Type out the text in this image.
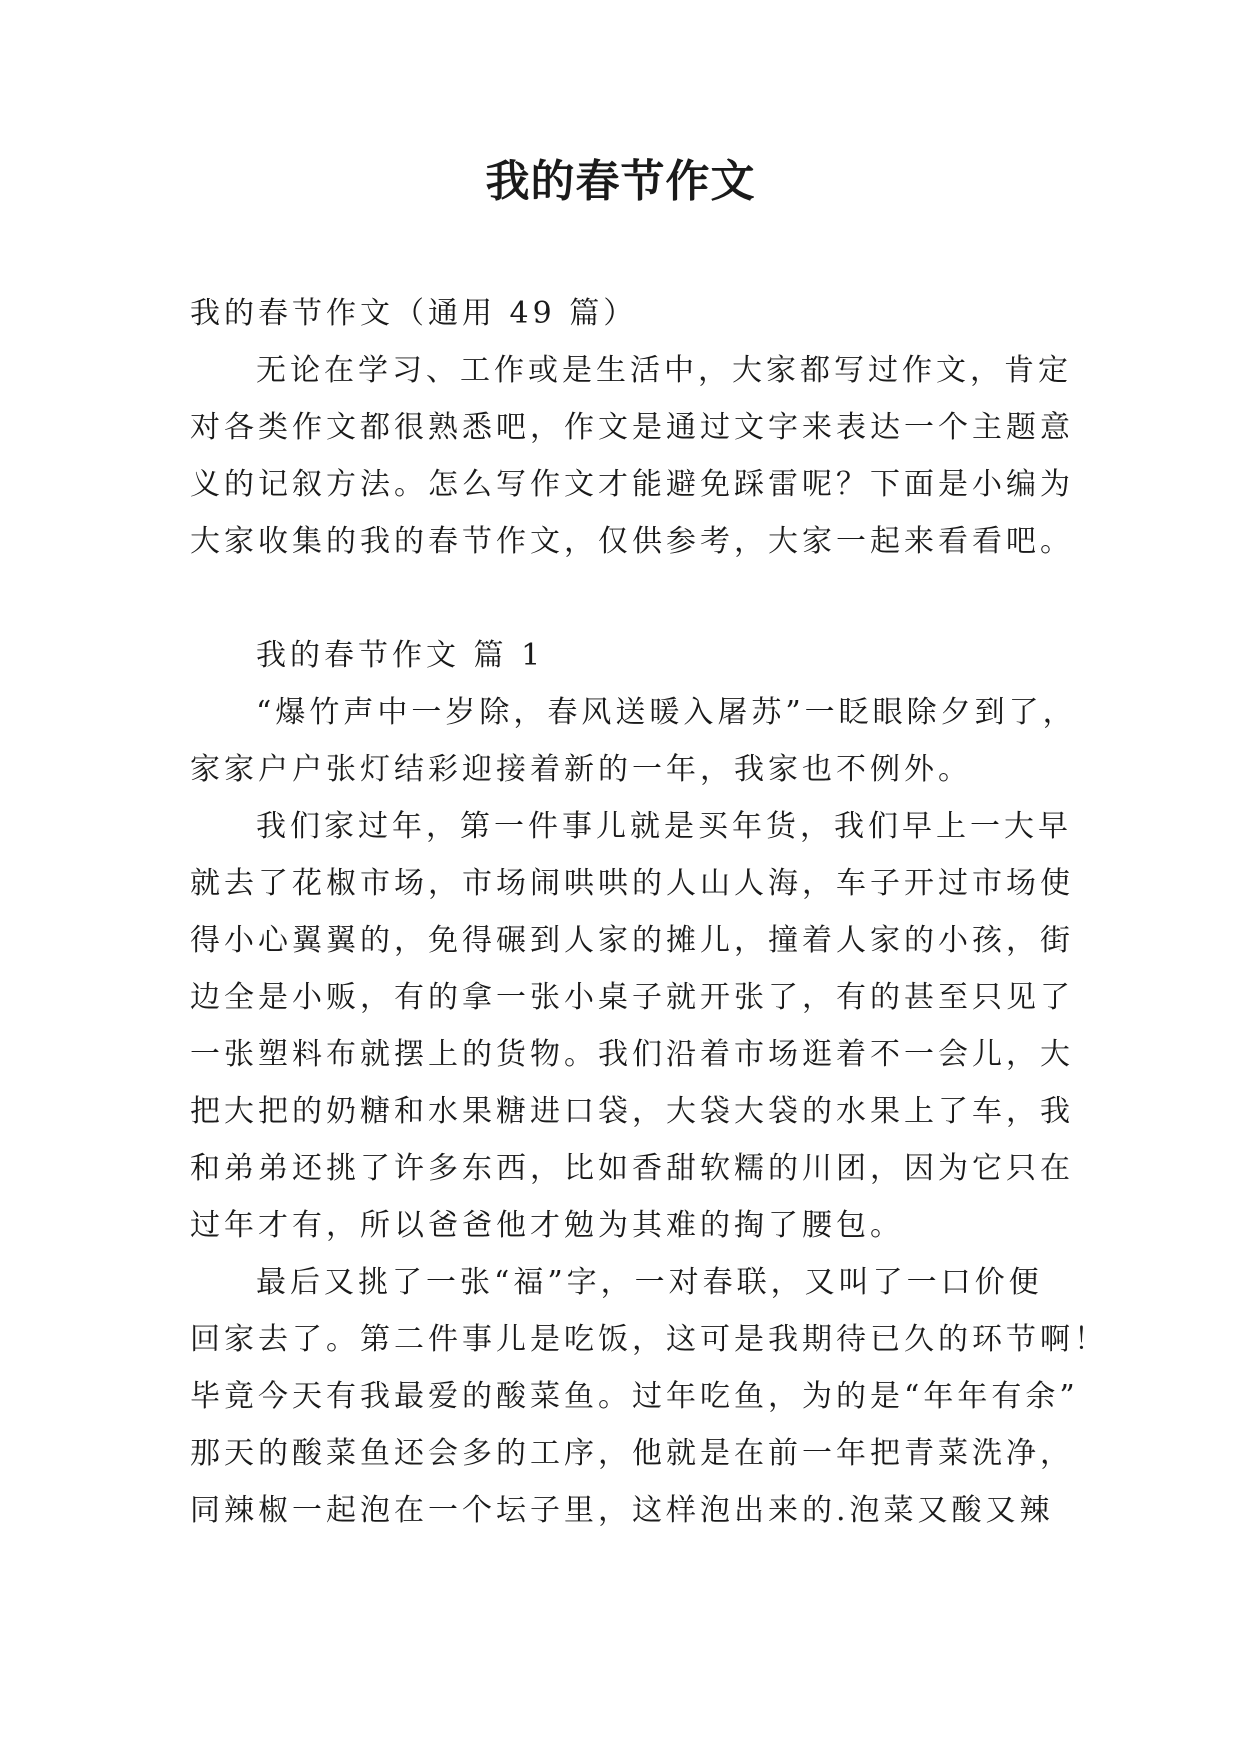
我的春节作文
我的春节作文（通用 49 篇）
无论在学习、工作或是生活中，大家都写过作文，肯定
对各类作文都很熟悉吧，作文是通过文字来表达一个主题意
义的记叙方法。怎么写作文才能避免踩雷呢？下面是小编为
大家收集的我的春节作文，仅供参考，大家一起来看看吧。
我的春节作文 篇 1
“爆竹声中一岁除，春风送暖入屠苏”一眨眼除夕到了，
家家户户张灯结彩迎接着新的一年，我家也不例外。
我们家过年，第一件事儿就是买年货，我们早上一大早
就去了花椒市场，市场闹哄哄的人山人海，车子开过市场使
得小心翼翼的，免得碾到人家的摊儿，撞着人家的小孩，街
边全是小贩，有的拿一张小桌子就开张了，有的甚至只见了
一张塑料布就摆上的货物。我们沿着市场逛着不一会儿，大
把大把的奶糖和水果糖进口袋，大袋大袋的水果上了车，我
和弟弟还挑了许多东西，比如香甜软糯的川团，因为它只在
过年才有，所以爸爸他才勉为其难的掏了腰包。
最后又挑了一张“福”字，一对春联，又叫了一口价便
回家去了。第二件事儿是吃饭，这可是我期待已久的环节啊！
毕竟今天有我最爱的酸菜鱼。过年吃鱼，为的是“年年有余”
那天的酸菜鱼还会多的工序，他就是在前一年把青菜洗净，
同辣椒一起泡在一个坛子里，这样泡出来的.泡菜又酸又辣
